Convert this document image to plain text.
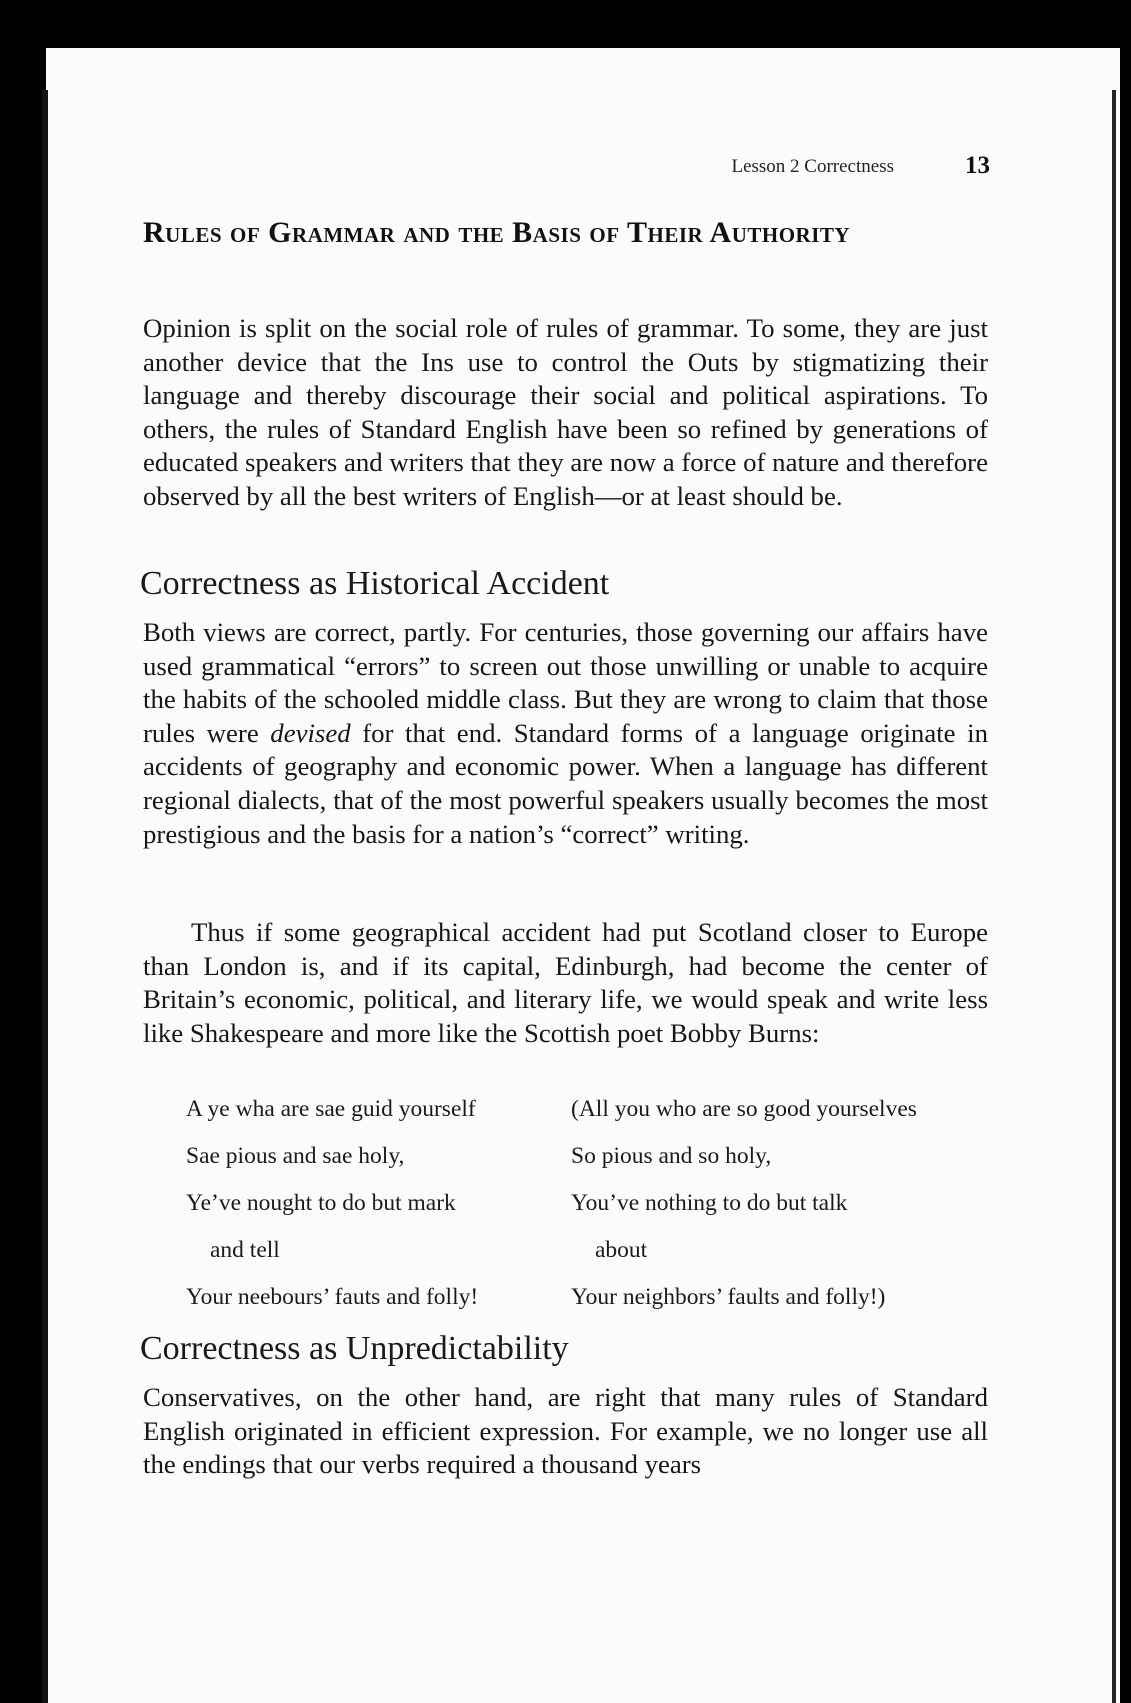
Lesson 2 Correctness	13
Rules of Grammar and the Basis of Their Authority

Opinion is split on the social role of rules of grammar. To some, they are just another device that the Ins use to control the Outs by stigmatizing their language and thereby discourage their social and political aspirations. To others, the rules of Standard English have been so refined by generations of educated speakers and writers that they are now a force of nature and therefore observed by all the best writers of English—or at least should be.

Correctness as Historical Accident

Both views are correct, partly. For centuries, those governing our affairs have used grammatical “errors” to screen out those unwilling or unable to acquire the habits of the schooled middle class. But they are wrong to claim that those rules were devised for that end. Standard forms of a language originate in accidents of geography and economic power. When a language has different regional dialects, that of the most powerful speakers usually becomes the most prestigious and the basis for a nation’s “correct” writing.

Thus if some geographical accident had put Scotland closer to Europe than London is, and if its capital, Edinburgh, had become the center of Britain’s economic, political, and literary life, we would speak and write less like Shakespeare and more like the Scottish poet Bobby Burns:

A ye wha are sae guid yourself	(All you who are so good yourselves
Sae pious and sae holy,	So pious and so holy,
Ye’ve nought to do but mark	You’ve nothing to do but talk
and tell	about
Your neebours’ fauts and folly!	Your neighbors’ faults and folly!)
Correctness as Unpredictability

Conservatives, on the other hand, are right that many rules of Standard English originated in efficient expression. For example, we no longer use all the endings that our verbs required a thousand years
